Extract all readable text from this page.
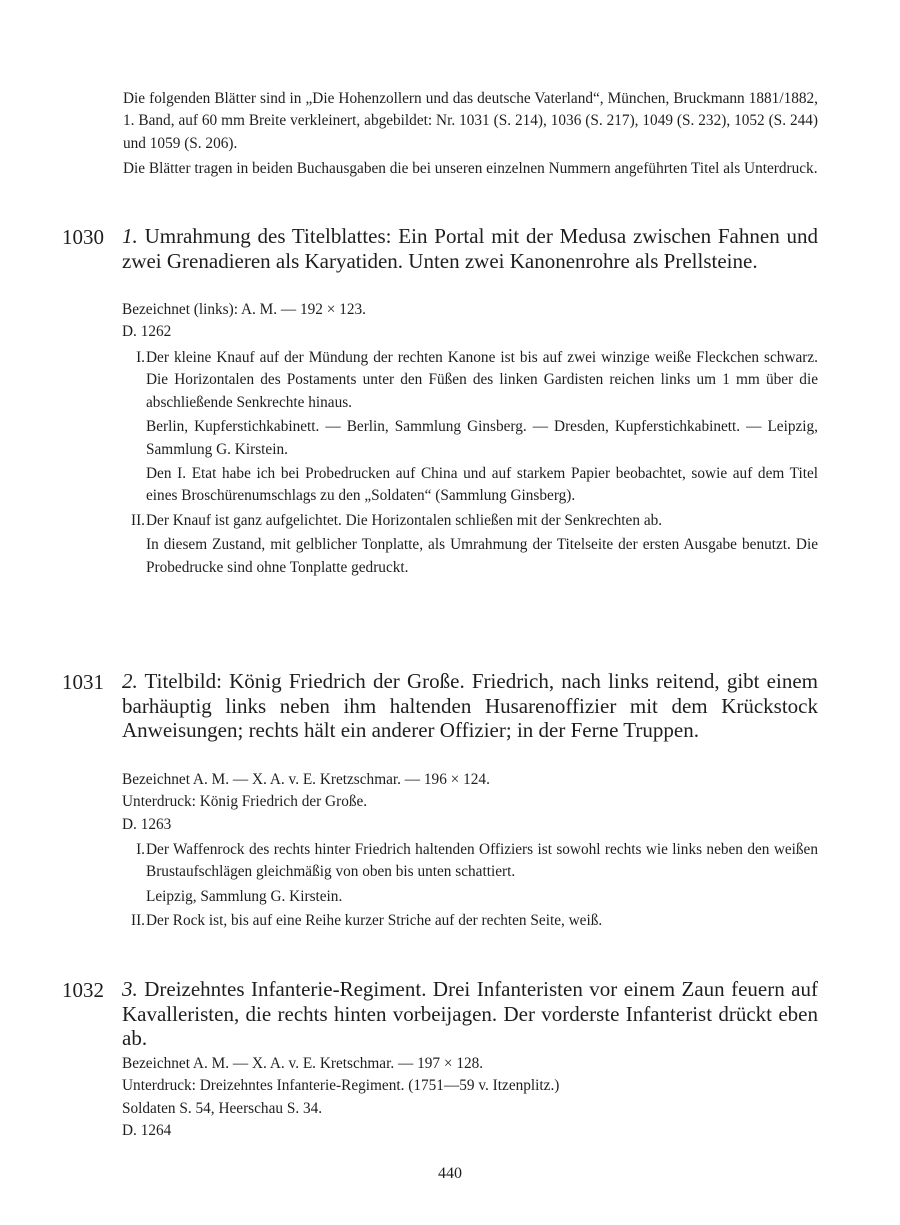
Die folgenden Blätter sind in „Die Hohenzollern und das deutsche Vaterland“, München, Bruckmann 1881/1882, 1. Band, auf 60 mm Breite verkleinert, abgebildet: Nr. 1031 (S. 214), 1036 (S. 217), 1049 (S. 232), 1052 (S. 244) und 1059 (S. 206).

Die Blätter tragen in beiden Buchausgaben die bei unseren einzelnen Nummern angeführten Titel als Unterdruck.

1030 1. Umrahmung des Titelblattes: Ein Portal mit der Medusa zwischen Fahnen und zwei Grenadieren als Karyatiden. Unten zwei Kanonenrohre als Prellsteine.
Bezeichnet (links): A. M. — 192 × 123.
D. 1262
I. Der kleine Knauf auf der Mündung der rechten Kanone ist bis auf zwei winzige weiße Fleckchen schwarz. Die Horizontalen des Postaments unter den Füßen des linken Gardisten reichen links um 1 mm über die abschließende Senkrechte hinaus.

Berlin, Kupferstichkabinett. — Berlin, Sammlung Ginsberg. — Dresden, Kupferstichkabinett. — Leipzig, Sammlung G. Kirstein.

Den I. Etat habe ich bei Probedrucken auf China und auf starkem Papier beobachtet, sowie auf dem Titel eines Broschürenumschlags zu den „Soldaten“ (Sammlung Ginsberg).

II. Der Knauf ist ganz aufgelichtet. Die Horizontalen schließen mit der Senkrechten ab.

In diesem Zustand, mit gelblicher Tonplatte, als Umrahmung der Titelseite der ersten Ausgabe benutzt. Die Probedrucke sind ohne Tonplatte gedruckt.

1031 2. Titelbild: König Friedrich der Große. Friedrich, nach links reitend, gibt einem barhäuptig links neben ihm haltenden Husarenoffizier mit dem Krückstock Anweisungen; rechts hält ein anderer Offizier; in der Ferne Truppen.
Bezeichnet A. M. — X. A. v. E. Kretzschmar. — 196 × 124.
Unterdruck: König Friedrich der Große.
D. 1263
I. Der Waffenrock des rechts hinter Friedrich haltenden Offiziers ist sowohl rechts wie links neben den weißen Brustaufschlägen gleichmäßig von oben bis unten schattiert.

Leipzig, Sammlung G. Kirstein.

II. Der Rock ist, bis auf eine Reihe kurzer Striche auf der rechten Seite, weiß.

1032 3. Dreizehntes Infanterie-Regiment. Drei Infanteristen vor einem Zaun feuern auf Kavalleristen, die rechts hinten vorbeijagen. Der vorderste Infanterist drückt eben ab.
Bezeichnet A. M. — X. A. v. E. Kretschmar. — 197 × 128.
Unterdruck: Dreizehntes Infanterie-Regiment. (1751—59 v. Itzenplitz.)
Soldaten S. 54, Heerschau S. 34.
D. 1264
440
